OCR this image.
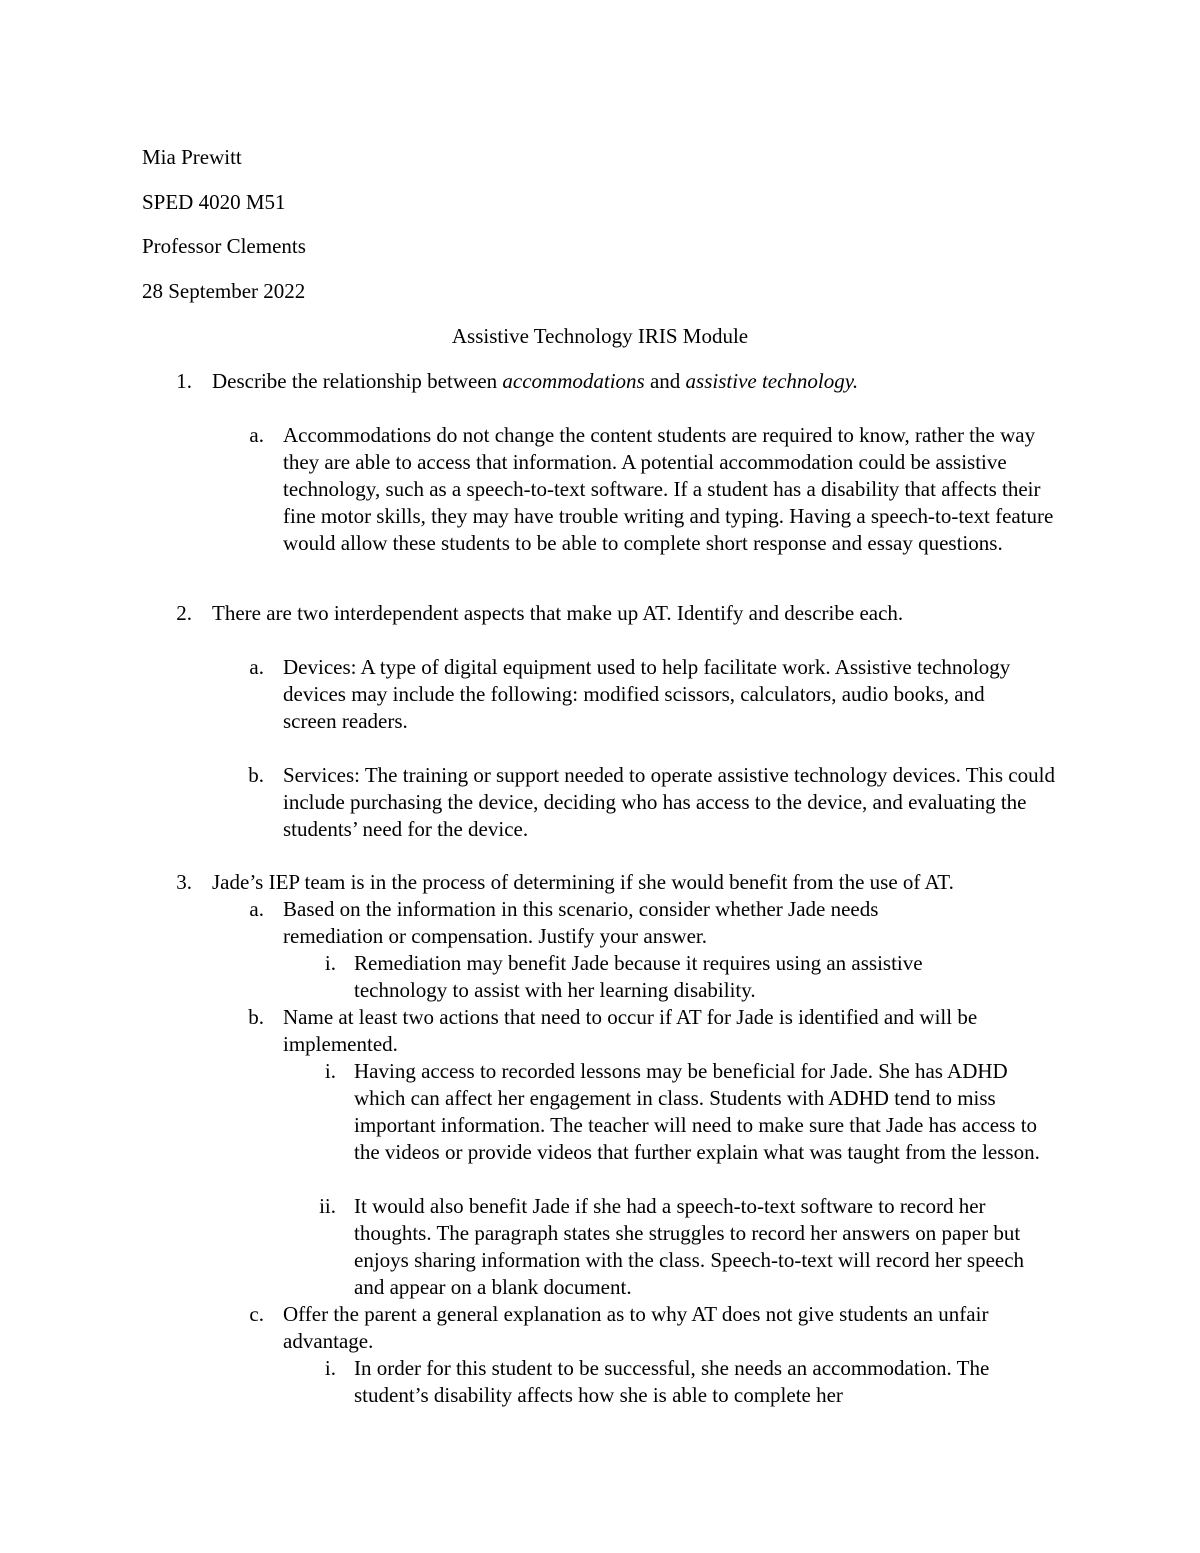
Mia Prewitt
SPED 4020 M51
Professor Clements
28 September 2022
Assistive Technology IRIS Module
1. Describe the relationship between accommodations and assistive technology.
a. Accommodations do not change the content students are required to know, rather the way they are able to access that information. A potential accommodation could be assistive technology, such as a speech-to-text software. If a student has a disability that affects their fine motor skills, they may have trouble writing and typing. Having a speech-to-text feature would allow these students to be able to complete short response and essay questions.
2. There are two interdependent aspects that make up AT. Identify and describe each.
a. Devices: A type of digital equipment used to help facilitate work. Assistive technology devices may include the following: modified scissors, calculators, audio books, and screen readers.
b. Services: The training or support needed to operate assistive technology devices. This could include purchasing the device, deciding who has access to the device, and evaluating the students’ need for the device.
3. Jade’s IEP team is in the process of determining if she would benefit from the use of AT.
a. Based on the information in this scenario, consider whether Jade needs remediation or compensation. Justify your answer.
i. Remediation may benefit Jade because it requires using an assistive technology to assist with her learning disability.
b. Name at least two actions that need to occur if AT for Jade is identified and will be implemented.
i. Having access to recorded lessons may be beneficial for Jade. She has ADHD which can affect her engagement in class. Students with ADHD tend to miss important information. The teacher will need to make sure that Jade has access to the videos or provide videos that further explain what was taught from the lesson.
ii. It would also benefit Jade if she had a speech-to-text software to record her thoughts. The paragraph states she struggles to record her answers on paper but enjoys sharing information with the class. Speech-to-text will record her speech and appear on a blank document.
c. Offer the parent a general explanation as to why AT does not give students an unfair advantage.
i. In order for this student to be successful, she needs an accommodation. The student’s disability affects how she is able to complete her
